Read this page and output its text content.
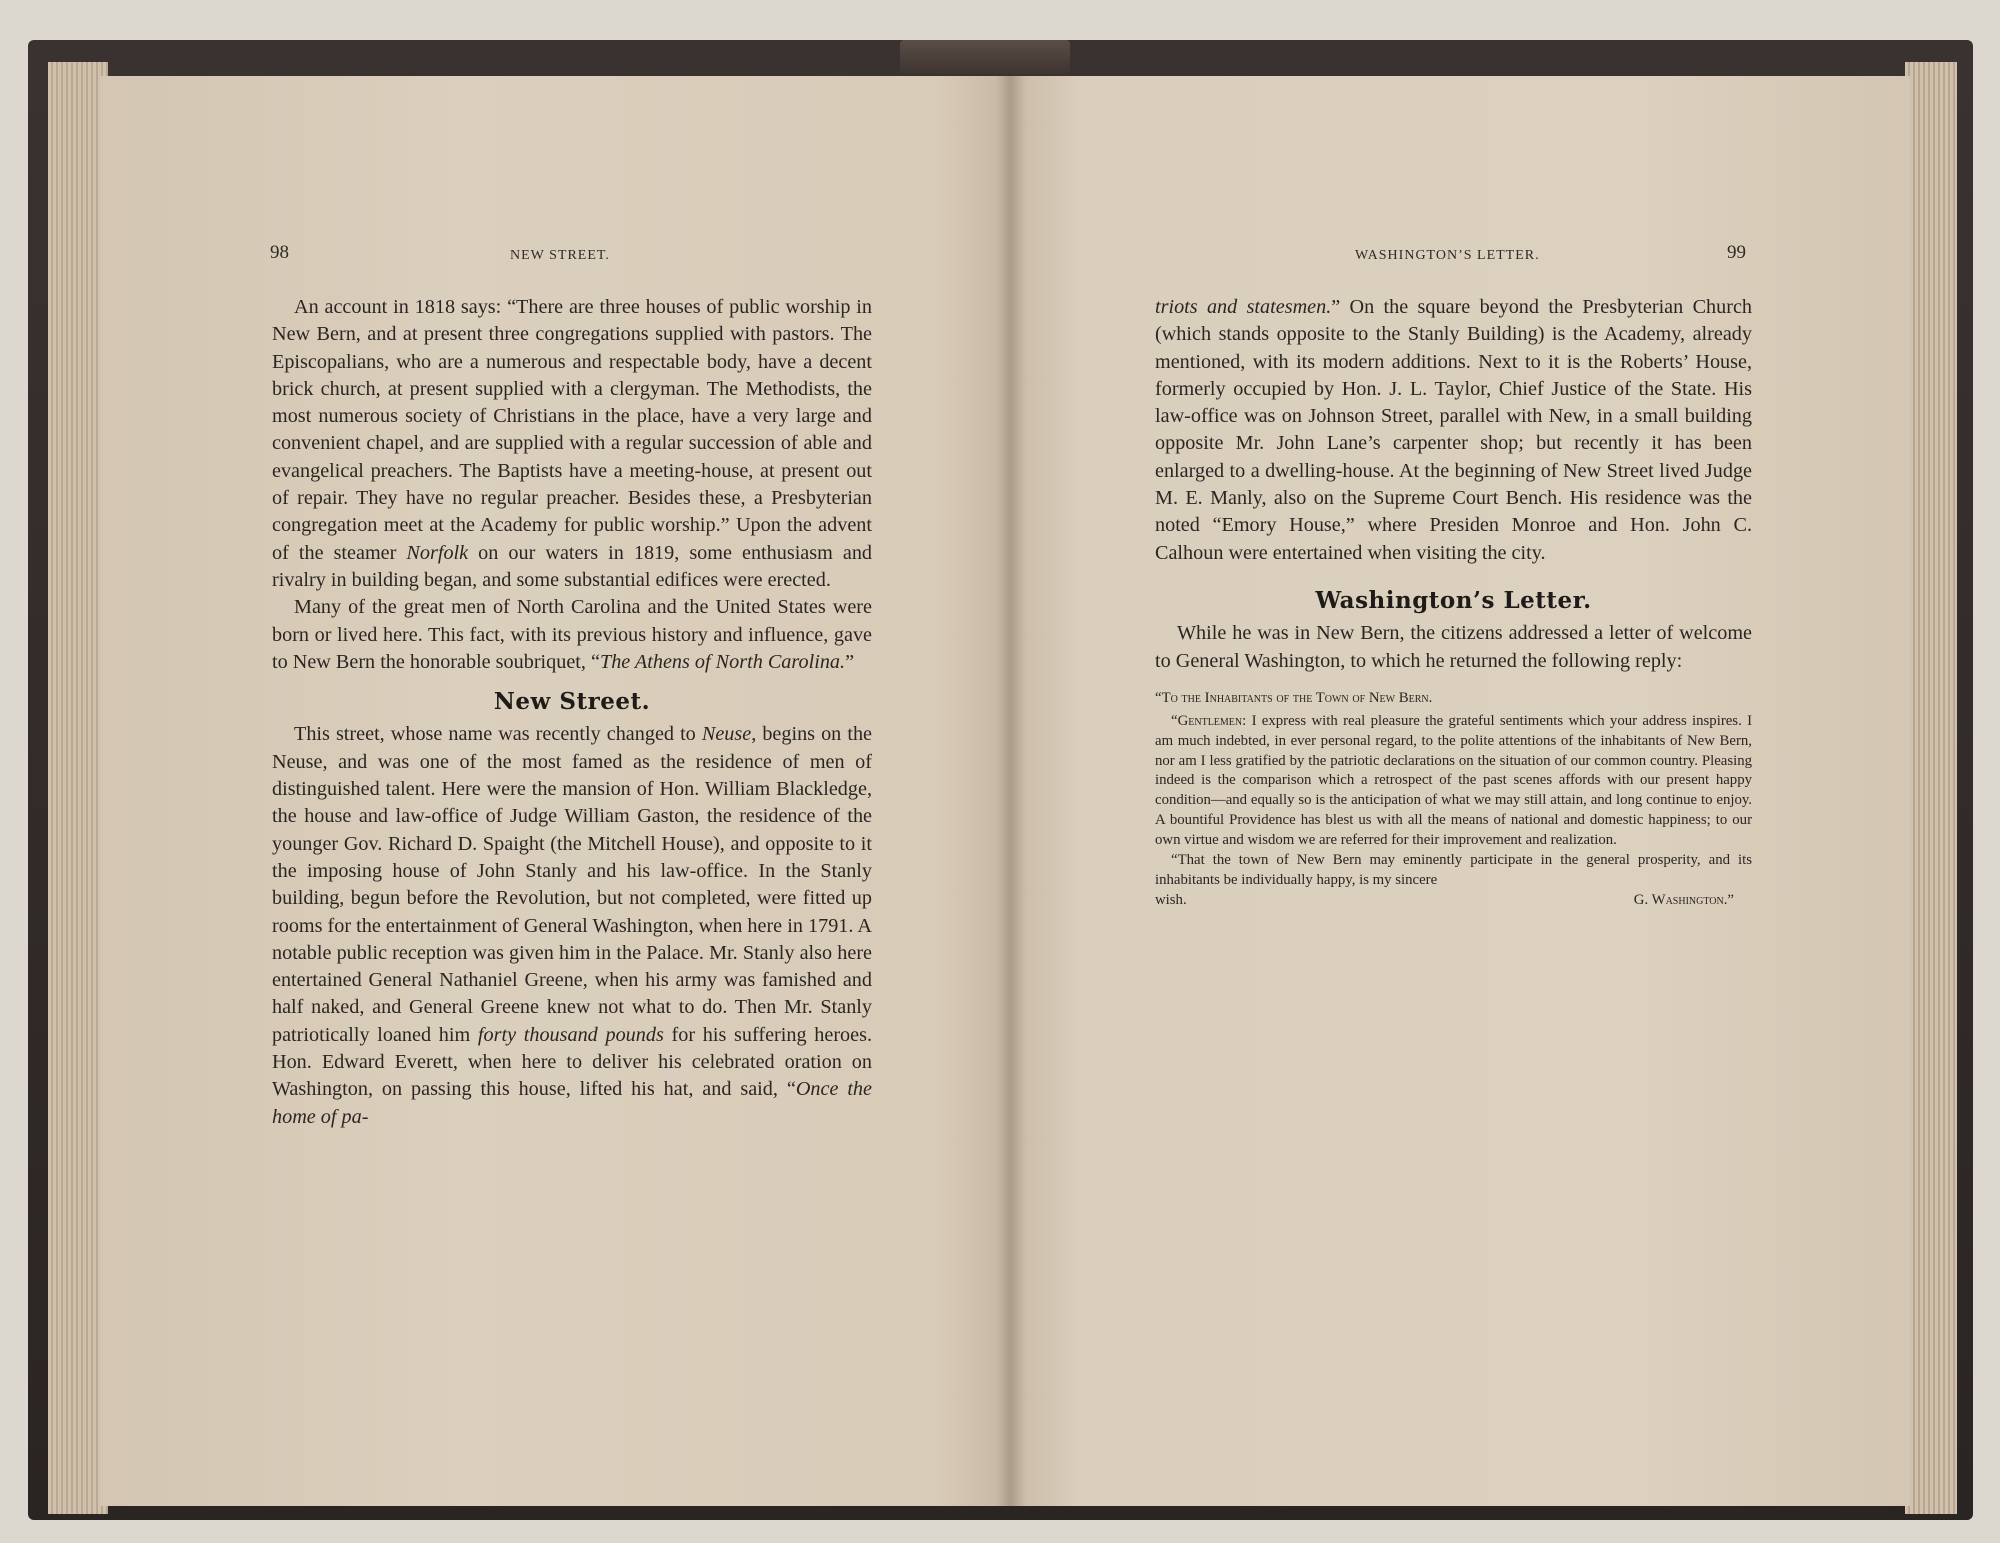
98	NEW STREET.

An account in 1818 says: “There are three houses of public worship in New Bern, and at present three congregations supplied with pastors. The Episcopalians, who are a numerous and respectable body, have a decent brick church, at present supplied with a clergyman. The Methodists, the most numerous society of Christians in the place, have a very large and convenient chapel, and are supplied with a regular succession of able and evangelical preachers. The Baptists have a meeting-house, at present out of repair. They have no regular preacher. Besides these, a Presbyterian congregation meet at the Academy for public worship.” Upon the advent of the steamer Norfolk on our waters in 1819, some enthusiasm and rivalry in building began, and some substantial edifices were erected.

Many of the great men of North Carolina and the United States were born or lived here. This fact, with its previous history and influence, gave to New Bern the honorable soubriquet, “The Athens of North Carolina.”

New Street.

This street, whose name was recently changed to Neuse, begins on the Neuse, and was one of the most famed as the residence of men of distinguished talent. Here were the mansion of Hon. William Blackledge, the house and law-office of Judge William Gaston, the residence of the younger Gov. Richard D. Spaight (the Mitchell House), and opposite to it the imposing house of John Stanly and his law-office. In the Stanly building, begun before the Revolution, but not completed, were fitted up rooms for the entertainment of General Washington, when here in 1791. A notable public reception was given him in the Palace. Mr. Stanly also here entertained General Nathaniel Greene, when his army was famished and half naked, and General Greene knew not what to do. Then Mr. Stanly patriotically loaned him forty thousand pounds for his suffering heroes. Hon. Edward Everett, when here to deliver his celebrated oration on Washington, on passing this house, lifted his hat, and said, “Once the home of pa-

WASHINGTON’S LETTER.	99

triots and statesmen.” On the square beyond the Presbyterian Church (which stands opposite to the Stanly Building) is the Academy, already mentioned, with its modern additions. Next to it is the Roberts’ House, formerly occupied by Hon. J. L. Taylor, Chief Justice of the State. His law-office was on Johnson Street, parallel with New, in a small building opposite Mr. John Lane’s carpenter shop; but recently it has been enlarged to a dwelling-house. At the beginning of New Street lived Judge M. E. Manly, also on the Supreme Court Bench. His residence was the noted “Emory House,” where Presiden Monroe and Hon. John C. Calhoun were entertained when visiting the city.

Washington’s Letter.

While he was in New Bern, the citizens addressed a letter of welcome to General Washington, to which he returned the following reply:

“To the Inhabitants of the Town of New Bern.

“Gentlemen: I express with real pleasure the grateful sentiments which your address inspires. I am much indebted, in ever personal regard, to the polite attentions of the inhabitants of New Bern, nor am I less gratified by the patriotic declarations on the situation of our common country. Pleasing indeed is the comparison which a retrospect of the past scenes affords with our present happy condition—and equally so is the anticipation of what we may still attain, and long continue to enjoy. A bountiful Providence has blest us with all the means of national and domestic happiness; to our own virtue and wisdom we are referred for their improvement and realization.

“That the town of New Bern may eminently participate in the general prosperity, and its inhabitants be individually happy, is my sincere

wish.	G. Washington.”
